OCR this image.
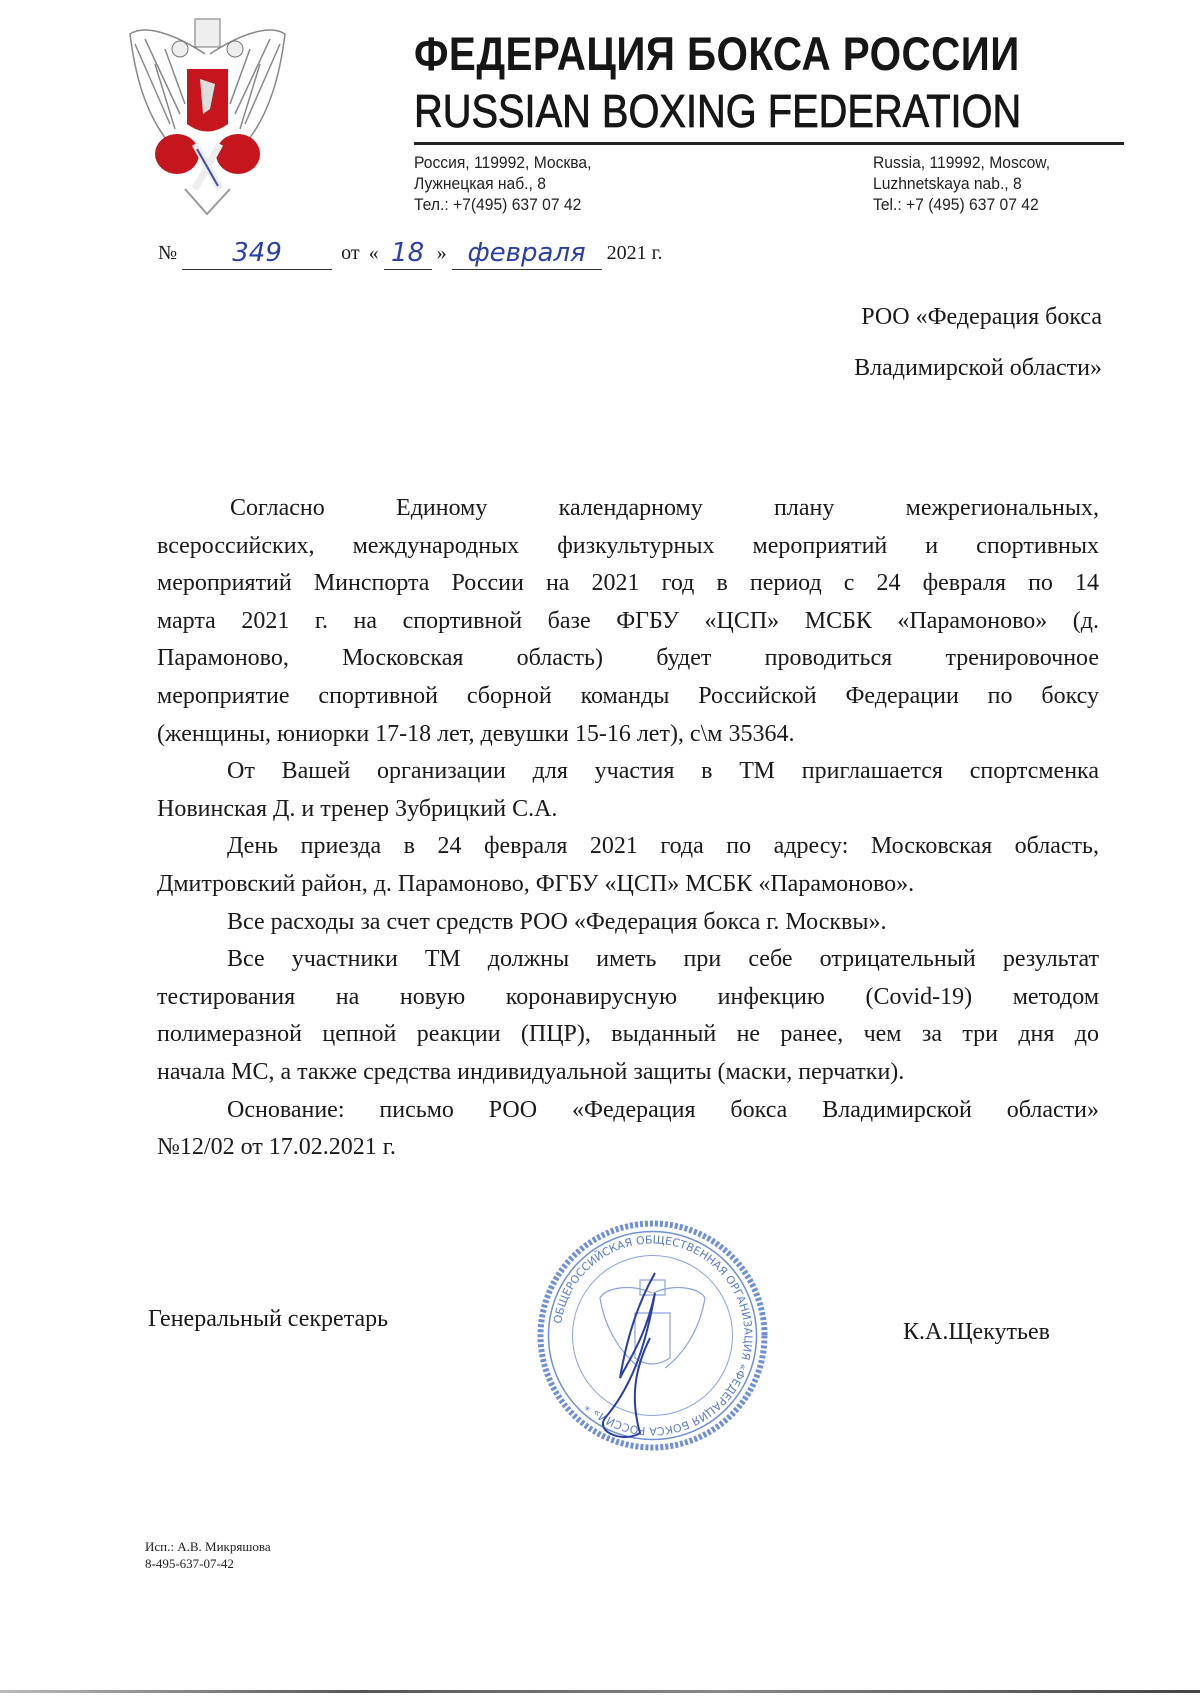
ФЕДЕРАЦИЯ БОКСА РОССИИ
RUSSIAN BOXING FEDERATION
Россия, 119992, Москва,
Лужнецкая наб., 8
Тел.: +7(495) 637 07 42
Russia, 119992, Moscow,
Luzhnetskaya nab., 8
Tel.: +7 (495) 637 07 42
№ 349	от « 18 » февраля 2021 г.
РОО «Федерация бокса
Владимирской области»
Согласно Единому календарному плану межрегиональных,
всероссийских, международных физкультурных мероприятий и спортивных
мероприятий Минспорта России на 2021 год в период с 24 февраля по 14
марта 2021 г. на спортивной базе ФГБУ «ЦСП» МСБК «Парамоново» (д.
Парамоново, Московская область) будет проводиться тренировочное
мероприятие спортивной сборной команды Российской Федерации по боксу
(женщины, юниорки 17-18 лет, девушки 15-16 лет), с\м 35364.
От Вашей организации для участия в ТМ приглашается спортсменка
Новинская Д. и тренер Зубрицкий С.А.
День приезда в 24 февраля 2021 года по адресу: Московская область,
Дмитровский район, д. Парамоново, ФГБУ «ЦСП» МСБК «Парамоново».
Все расходы за счет средств РОО «Федерация бокса г. Москвы».
Все участники ТМ должны иметь при себе отрицательный результат
тестирования на новую коронавирусную инфекцию (Covid-19) методом
полимеразной цепной реакции (ПЦР), выданный не ранее, чем за три дня до
начала МС, а также средства индивидуальной защиты (маски, перчатки).
Основание: письмо РОО «Федерация бокса Владимирской области»
№12/02 от 17.02.2021 г.
Генеральный секретарь	ОБЩЕРОССИЙСКАЯ ОБЩЕСТВЕННАЯ ОРГАНИЗАЦИЯ «ФЕДЕРАЦИЯ БОКСА РОССИИ» *
К.А.Щекутьев
Исп.: А.В. Микряшова
8-495-637-07-42
